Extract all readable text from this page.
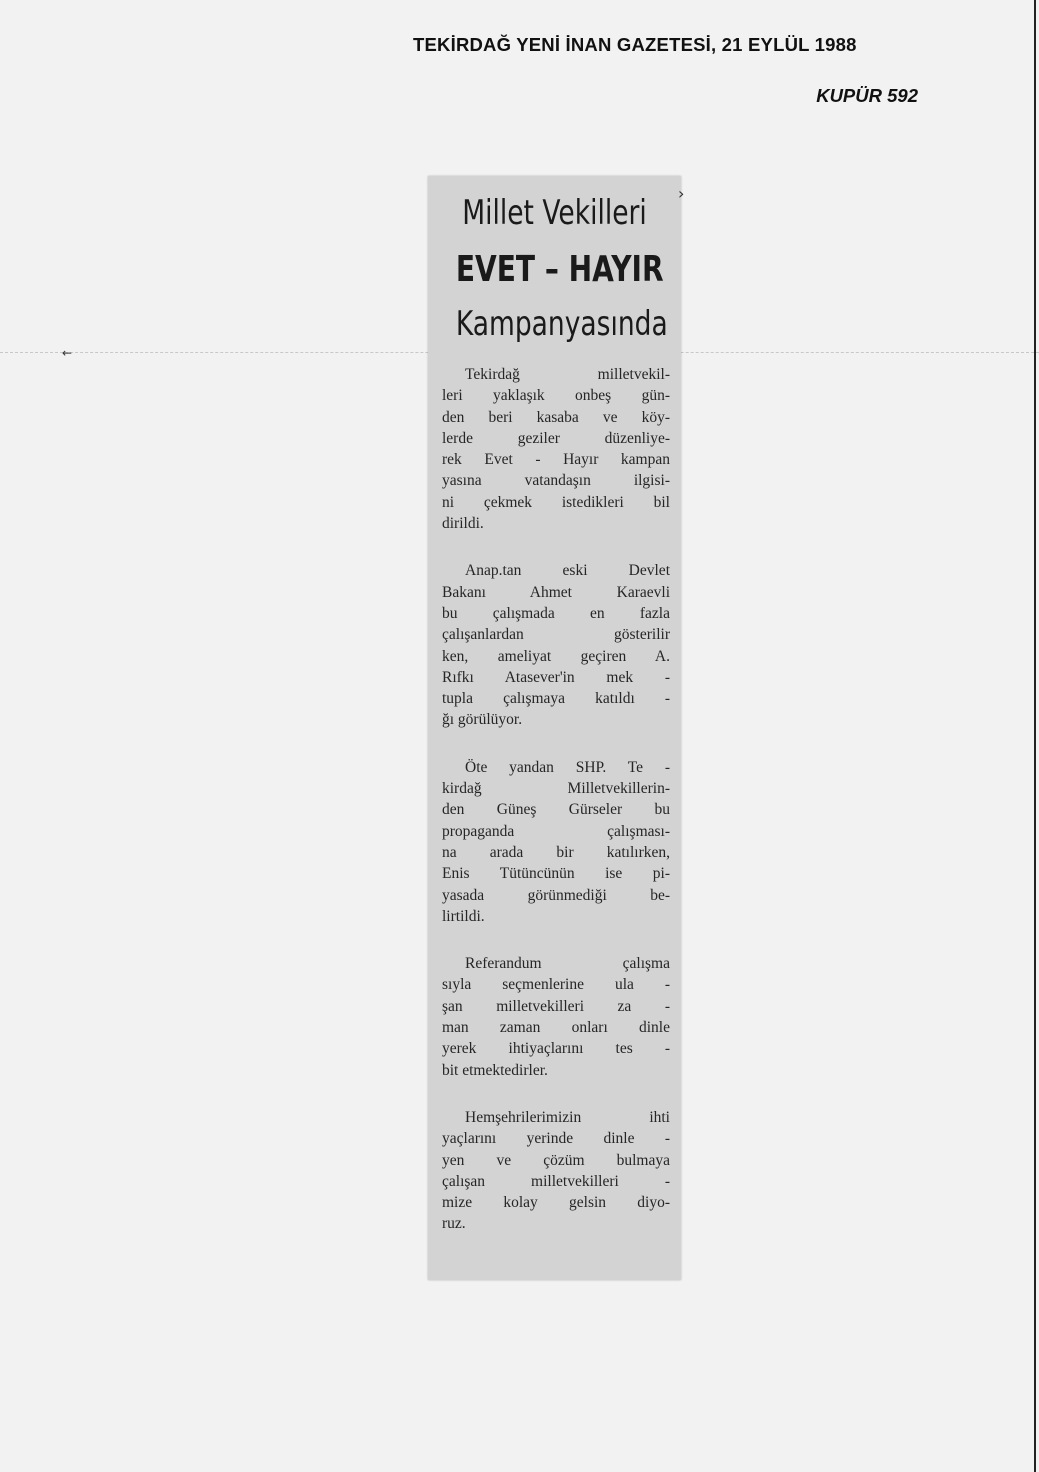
TEKİRDAĞ YENİ İNAN GAZETESİ, 21 EYLÜL 1988
KUPÜR 592
←
›
Millet Vekilleri
EVET – HAYIR
Kampanyasında

Tekirdağ milletvekil-
leri yaklaşık onbeş gün-
den beri kasaba ve köy-
lerde geziler düzenliye-
rek Evet - Hayır kampan
yasına vatandaşın ilgisi-
ni çekmek istedikleri bil
dirildi.

Anap.tan eski Devlet
Bakanı Ahmet Karaevli
bu çalışmada en fazla
çalışanlardan gösterilir
ken, ameliyat geçiren A.
Rıfkı Atasever'in mek -
tupla çalışmaya katıldı -
ğı görülüyor.

Öte yandan SHP. Te -
kirdağ Milletvekillerin-
den Güneş Gürseler bu
propaganda çalışması-
na arada bir katılırken,
Enis Tütüncünün ise pi-
yasada görünmediği be-
lirtildi.

Referandum çalışma
sıyla seçmenlerine ula -
şan milletvekilleri za -
man zaman onları dinle
yerek ihtiyaçlarını tes -
bit etmektedirler.

Hemşehrilerimizin ihti
yaçlarını yerinde dinle -
yen ve çözüm bulmaya
çalışan milletvekilleri -
mize kolay gelsin diyo-
ruz.
